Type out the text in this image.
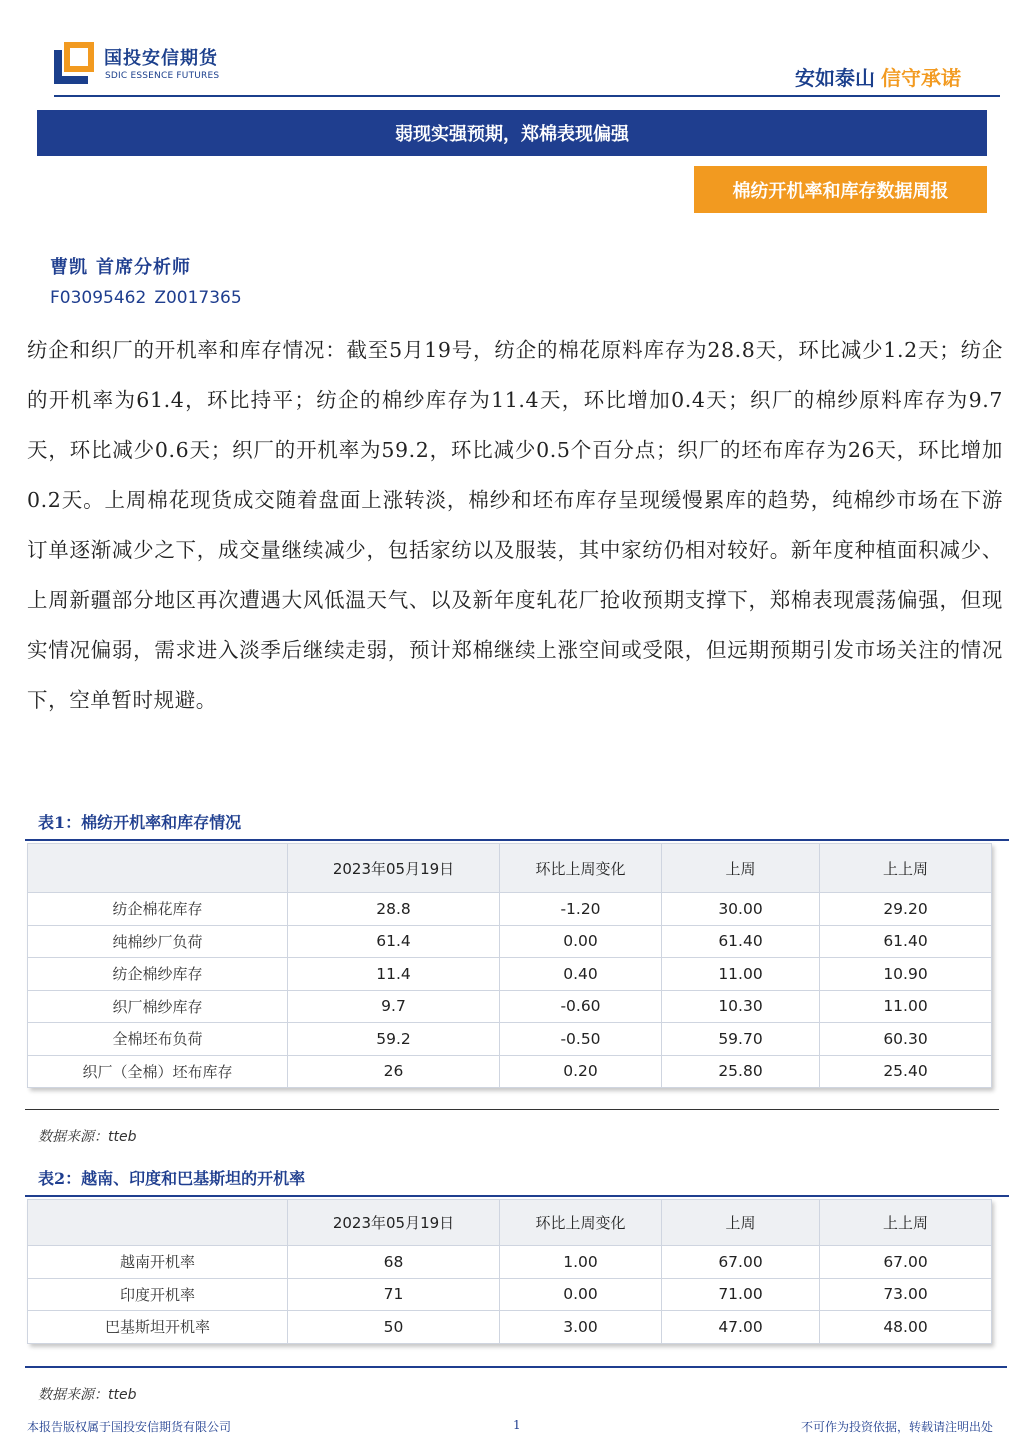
国投安信期货
SDIC ESSENCE FUTURES	安如泰山 信守承诺
弱现实强预期，郑棉表现偏强
棉纺开机率和库存数据周报
曹凯 首席分析师
F03095462 Z0017365
纺企和织厂的开机率和库存情况：截至5月19号，纺企的棉花原料库存为28.8天，环比减少1.2天；纺企的开机率为61.4，环比持平；纺企的棉纱库存为11.4天，环比增加0.4天；织厂的棉纱原料库存为9.7天，环比减少0.6天；织厂的开机率为59.2，环比减少0.5个百分点；织厂的坯布库存为26天，环比增加0.2天。上周棉花现货成交随着盘面上涨转淡，棉纱和坯布库存呈现缓慢累库的趋势，纯棉纱市场在下游订单逐渐减少之下，成交量继续减少，包括家纺以及服装，其中家纺仍相对较好。新年度种植面积减少、上周新疆部分地区再次遭遇大风低温天气、以及新年度轧花厂抢收预期支撑下，郑棉表现震荡偏强，但现实情况偏弱，需求进入淡季后继续走弱，预计郑棉继续上涨空间或受限，但远期预期引发市场关注的情况下，空单暂时规避。
表1：棉纺开机率和库存情况
	2023年05月19日	环比上周变化	上周	上上周
纺企棉花库存	28.8	-1.20	30.00	29.20
纯棉纱厂负荷	61.4	0.00	61.40	61.40
纺企棉纱库存	11.4	0.40	11.00	10.90
织厂棉纱库存	9.7	-0.60	10.30	11.00
全棉坯布负荷	59.2	-0.50	59.70	60.30
织厂（全棉）坯布库存	26	0.20	25.80	25.40
数据来源：tteb
表2：越南、印度和巴基斯坦的开机率
	2023年05月19日	环比上周变化	上周	上上周
越南开机率	68	1.00	67.00	67.00
印度开机率	71	0.00	71.00	73.00
巴基斯坦开机率	50	3.00	47.00	48.00
数据来源：tteb
本报告版权属于国投安信期货有限公司	1	不可作为投资依据，转载请注明出处
